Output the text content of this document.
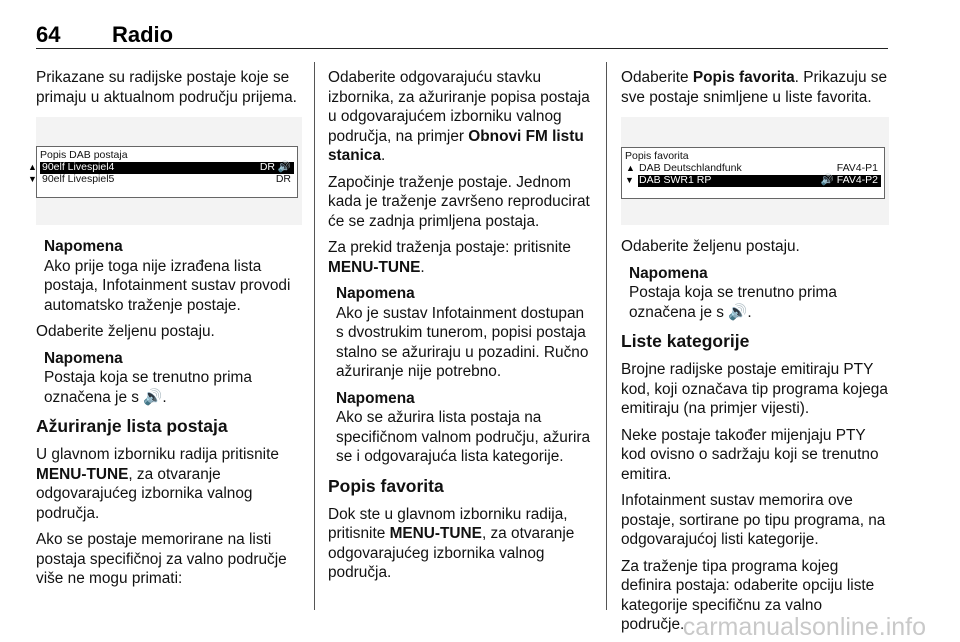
64 Radio

Prikazane su radijske postaje koje se primaju u aktualnom području prijema.

Popis DAB postaja
▲ 90elf Livespiel4	DR 🔊
▼ 90elf Livespiel5	DR
Napomena
Ako prije toga nije izrađena lista postaja, Infotainment sustav provodi automatsko traženje postaje.

Odaberite željenu postaju.

Napomena
Postaja koja se trenutno prima označena je s 🔊.
Ažuriranje lista postaja

U glavnom izborniku radija pritisnite MENU-TUNE, za otvaranje odgovarajućeg izbornika valnog područja.

Ako se postaje memorirane na listi postaja specifičnoj za valno područje više ne mogu primati:

Odaberite odgovarajuću stavku izbornika, za ažuriranje popisa postaja u odgovarajućem izborniku valnog područja, na primjer Obnovi FM listu stanica.

Započinje traženje postaje. Jednom kada je traženje završeno reproducirat će se zadnja primljena postaja.

Za prekid traženja postaje: pritisnite MENU-TUNE.

Napomena
Ako je sustav Infotainment dostupan s dvostrukim tunerom, popisi postaja stalno se ažuriraju u pozadini. Ručno ažuriranje nije potrebno.
Napomena
Ako se ažurira lista postaja na specifičnom valnom području, ažurira se i odgovarajuća lista kategorije.
Popis favorita

Dok ste u glavnom izborniku radija, pritisnite MENU-TUNE, za otvaranje odgovarajućeg izbornika valnog područja.

Odaberite Popis favorita. Prikazuju se sve postaje snimljene u liste favorita.

Popis favorita
▲ DAB Deutschlandfunk	FAV4-P1
▼ DAB SWR1 RP	🔊 FAV4-P2

Odaberite željenu postaju.

Napomena
Postaja koja se trenutno prima označena je s 🔊.
Liste kategorije

Brojne radijske postaje emitiraju PTY kod, koji označava tip programa kojega emitiraju (na primjer vijesti).

Neke postaje također mijenjaju PTY kod ovisno o sadržaju koji se trenutno emitira.

Infotainment sustav memorira ove postaje, sortirane po tipu programa, na odgovarajućoj listi kategorije.

Za traženje tipa programa kojeg definira postaja: odaberite opciju liste kategorije specifičnu za valno područje.

carmanualsonline.info
